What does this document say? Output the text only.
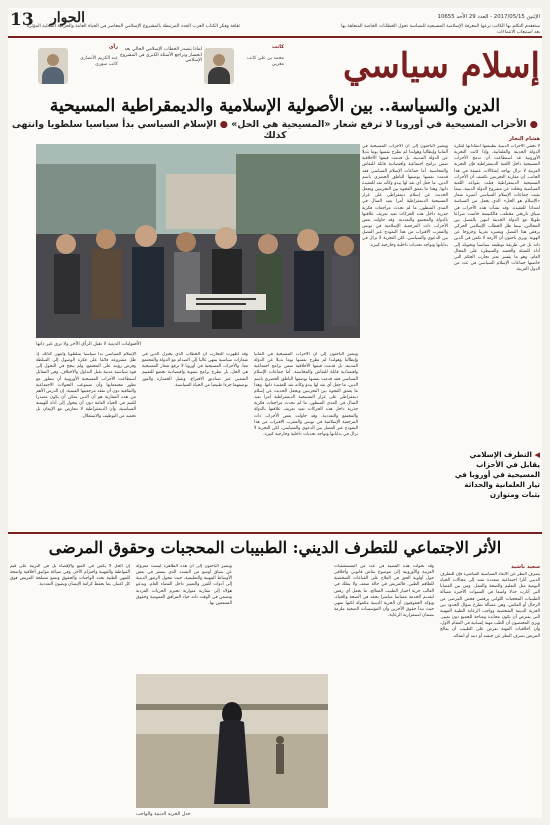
الإثنين 2017/05/15 - العدد 29 الأحد 10655
ستعقدم التكلم بها الكاتب نزعها المعرفة الإسلامية المسيحية للسياسة تحول الخطابات الخاصة المتعلقة بها بعد استيعاب الانتماءات
ثقافة وفكر الكتاب العرب الجدد المرتبطة بالمشروع الإسلامي المعاصر في الحياة العامة والحركية المحلية المؤثرة
الحوار
13
إسلام سياسي
كاتب
محمد بن علي كاتب مغربي
رأي
عبد الكريم الأنصاري كاتب سوري
لماذا يتصدر الخطاب الإسلامي الحالي بعد انحسار وتراجع الأسئلة الكبرى في المشروع الإسلامي
الدين والسياسة.. بين الأصولية الإسلامية والديمقراطية المسيحية
● الأحزاب المسيحية في أوروبا لا ترفع شعار «المسيحية هي الحل» ● الإسلام السياسي بدأ سياسيا سلطويا وانتهى كذلك	هشام النجار
لا تخفي الأحزاب الدينية بطبيعتها انتقاداتها لفكرة الدولة الحديثة والعلمانية، وإذا كانت التجربة الأوروبية قد استطاعت أن تدمج الأحزاب المسيحية داخل اللعبة الديمقراطية فإن التجربة العربية لا تزال تواجه إشكالات عميقة في هذا الجانب. إن مقارنة التجربتين تكشف أن الأحزاب المسيحية الديمقراطية قبلت بقواعد اللعبة السياسية وتخلت عن مشروع الدولة الدينية، بينما بقيت جماعات الإسلام السياسي أسيرة شعار «الإسلام هو الحل» الذي يجعل من السياسة امتدادا للعقيدة. وقد نشأت هذه الأحزاب في سياق تاريخي مختلف، فالكنيسة خاضت صراعا طويلا مع الدولة الحديثة انتهى بالفصل بين المجالين، بينما ظل الخطاب الإسلامي الحركي يرفض هذا الفصل ويعتبره تغريبا وخروجا عن الهوية. ويرى باحثون أن الأزمة لا تكمن في الدين ذاته بل في طريقة توظيفه سياسيا وتحويله إلى أداة للتعبئة والحشد والسيطرة على المجال العام، وهو ما يفسر تعثر تجارب الحكم التي خاضتها جماعات الإسلام السياسي في عدد من الدول العربية.
ويشير الباحثون إلى أن الأحزاب المسيحية في ألمانيا وإيطاليا وهولندا لم تطرح نفسها يوما بديلا عن الدولة المدنية، بل قدمت قيمها الأخلاقية ضمن برامج اجتماعية واقتصادية قابلة للنقاش والمحاسبة. أما جماعات الإسلام السياسي فقد قدمت نفسها بوصفها الناطق الحصري باسم الدين، ما جعل أي نقد لها يبدو وكأنه نقد للعقيدة ذاتها. وهذا ما يعمق الفجوة بين التجربتين ويجعل الحديث عن إسلام ديمقراطي على غرار المسيحية الديمقراطية أمرا بعيد المنال في المدى المنظور، ما لم تحدث مراجعات فكرية جذرية داخل هذه الحركات تعيد تعريف علاقتها بالدولة والمجتمع والتعددية. وقد حاولت بعض الأحزاب ذات المرجعية الإسلامية في تونس والمغرب الاقتراب من هذا النموذج عبر الفصل بين الدعوي والسياسي، لكن التجربة لا تزال في بداياتها وتواجه تحديات داخلية وخارجية كبيرة.
الأصوليات الدينية لا تقبل الرأي الآخر ولا ترى غير ذاتها
الإسلام السياسي بدأ سياسيا سلطويا وانتهى كذلك، إذ ظل مشروعه قائما على فكرة الوصول إلى السلطة وفرض رؤيته على المجتمع، ولم ينجح في التحول إلى قوة سياسية مدنية تقبل التداول والاختلاف. وفي المقابل استطاعت الأحزاب المسيحية الأوروبية أن تتطور مع تطور مجتمعاتها وأن تستوعب التحولات الاجتماعية والثقافية دون أن تفقد مرجعيتها القيمية. إن الدرس الأهم من هذه المقارنة هو أن الدين يمكن أن يكون مصدرا للقيم في الحياة العامة دون أن يتحول إلى أداة للهيمنة السياسية، وأن الديمقراطية لا تتعارض مع الإيمان بل تحميه من التوظيف والاستغلال.
وقد أظهرت التجارب أن الخطاب الذي يختزل الدين في شعارات سياسية ينتهي غالبا إلى الصدام مع الدولة والمجتمع معا. والأحزاب المسيحية في أوروبا لا ترفع شعار المسيحية هي الحل، بل تطرح برامج تنموية واقتصادية تخضع للتقييم الشعبي عبر صناديق الاقتراع، وتقبل الخسارة والفوز بوصفهما جزءا طبيعيا من الحياة السياسية.
ويشير الباحثون إلى أن الأحزاب المسيحية في ألمانيا وإيطاليا وهولندا لم تطرح نفسها يوما بديلا عن الدولة المدنية، بل قدمت قيمها الأخلاقية ضمن برامج اجتماعية واقتصادية قابلة للنقاش والمحاسبة. أما جماعات الإسلام السياسي فقد قدمت نفسها بوصفها الناطق الحصري باسم الدين، ما جعل أي نقد لها يبدو وكأنه نقد للعقيدة ذاتها. وهذا ما يعمق الفجوة بين التجربتين ويجعل الحديث عن إسلام ديمقراطي على غرار المسيحية الديمقراطية أمرا بعيد المنال في المدى المنظور، ما لم تحدث مراجعات فكرية جذرية داخل هذه الحركات تعيد تعريف علاقتها بالدولة والمجتمع والتعددية. وقد حاولت بعض الأحزاب ذات المرجعية الإسلامية في تونس والمغرب الاقتراب من هذا النموذج عبر الفصل بين الدعوي والسياسي، لكن التجربة لا تزال في بداياتها وتواجه تحديات داخلية وخارجية كبيرة.
◀ التطرف الإسلامي يقابل في الأحزاب المسيحية في أوروبا في تيار العلمانية والحداثة بثبات ومتوازن
الأثر الاجتماعي للتطرف الديني: الطبيبات المحجبات وحقوق المرضى
سعيد ناشيد
يصرف النظر عن الأبعاد السياسية المباشرة فإن للتطرف الديني آثارا اجتماعية متعددة تمتد إلى مجالات الحياة اليومية مثل التعليم والصحة والعمل. ومن بين القضايا التي أثارت جدلا واسعا في السنوات الأخيرة مسألة الطبيبات المحجبات اللواتي يرفضن فحص المرضى من الرجال أو العكس، وهي مسألة تطرح سؤال الحدود بين الحرية الدينية الشخصية وواجب الرعاية الطبية المهنية التي يفترض أن تكون محايدة ومتاحة للجميع دون تمييز. ويرى المختصون أن الطب مهنة إنسانية في المقام الأول، وأن أخلاقيات المهنة تفرض على الطبيب أن يعالج المريض بصرف النظر عن جنسه أو دينه أو انتمائه.
وقد تحولت هذه القضية في عدد من المستشفيات العربية والأوروبية إلى موضوع نقاش قانوني وأخلاقي حول أولوية الحق في العلاج على القناعات الشخصية للطاقم الطبي. فالمريض في حالة ضعف ولا يملك في الغالب حرية اختيار الطبيب المعالج، ما يجعل أي رفض لتقديم الخدمة مساسا مباشرا بحقه في الصحة والحياة. ويؤكد الحقوقيون أن الحرية الدينية مكفولة لكنها تنتهي حيث تبدأ حقوق الآخرين وأن المؤسسات الصحية ملزمة بضمان استمرارية الرعاية.
ويشير الباحثون إلى أن هذه الظاهرة ليست معزولة عن سياق أوسع من التشدد الذي ينتشر في بعض الأوساط المهنية والتعليمية، حيث تتحول الرموز الدينية إلى أدوات للفرز والتمييز داخل الفضاء العام. ويدعو هؤلاء إلى مقاربة متوازنة تحترم الحريات الفردية وتضمن في الوقت ذاته حياد المرافق العمومية وحقوق المنتفعين بها.
إن الحل لا يكمن في المنع والإقصاء بل في التربية على قيم المواطنة والمهنية واحترام الآخر، وفي صياغة مواثيق أخلاقية واضحة للمهن الطبية تحدد الواجبات والحقوق وتضع مصلحة المريض فوق كل اعتبار، بما يحفظ كرامة الإنسان ويصون التعددية.
جدل الحرية الدينية والواجب
